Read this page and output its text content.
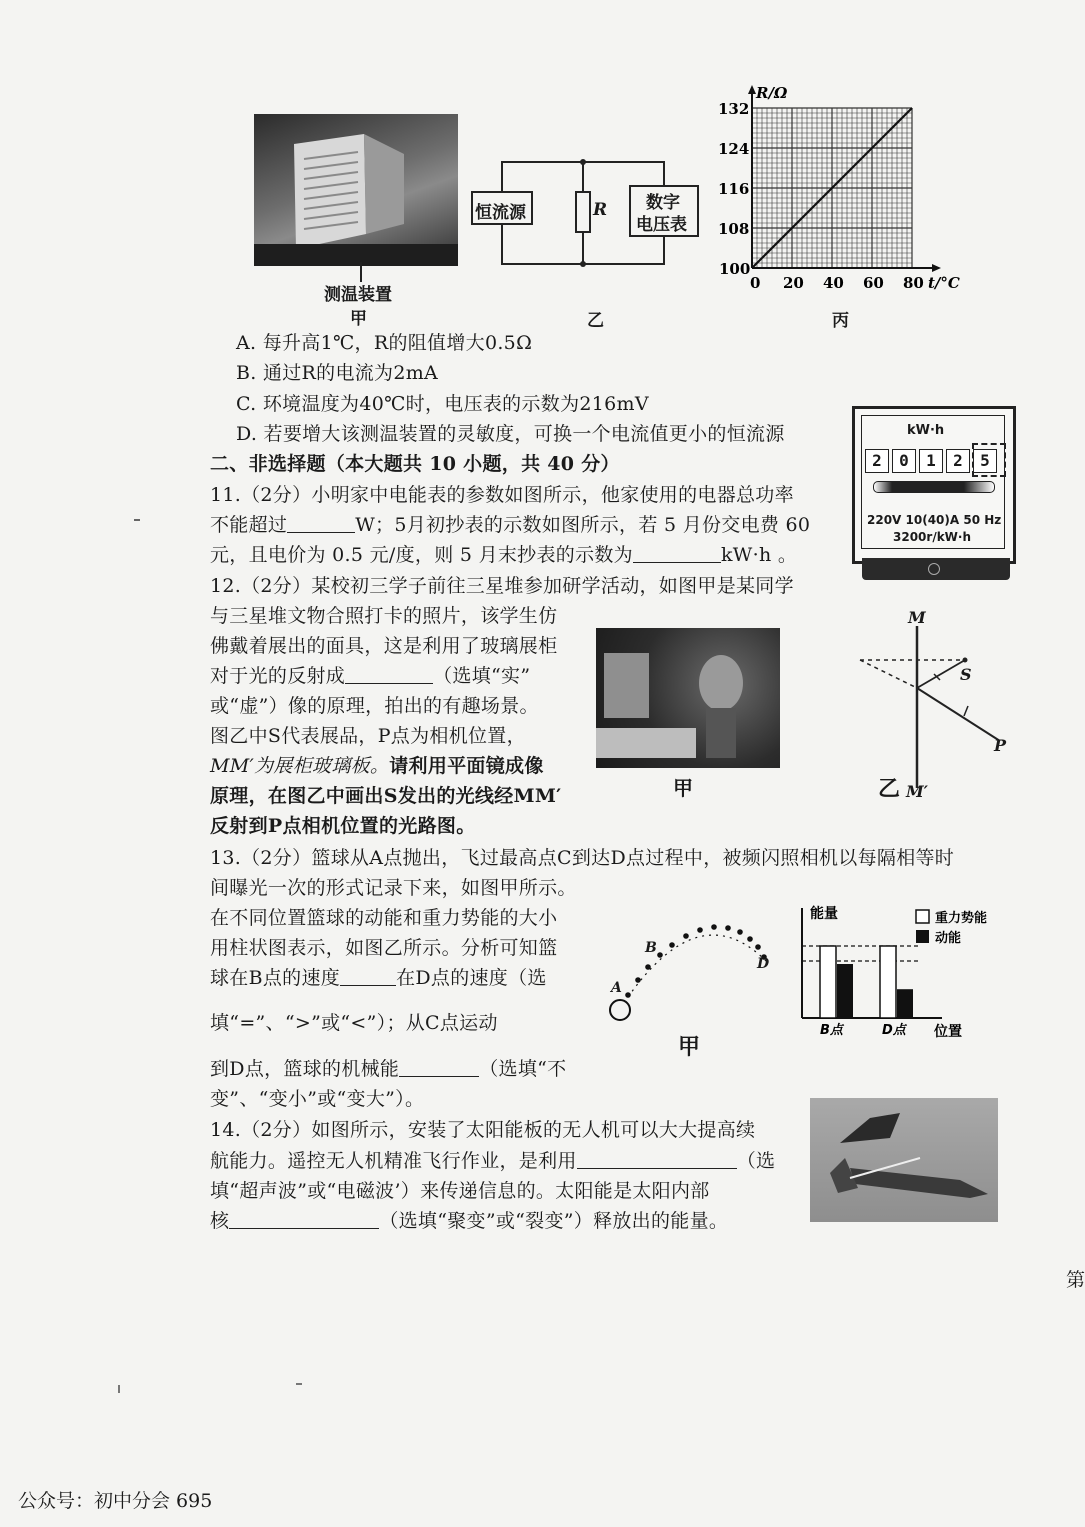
测温装置
甲
恒流源	R 数字
电压表
乙
100
108
116
124
132
0 20 40 60 80
R/Ω
t/°C
丙
A. 每升高1℃，R的阻值增大0.5Ω
B. 通过R的电流为2mA
C. 环境温度为40℃时，电压表的示数为216mV
D. 若要增大该测温装置的灵敏度，可换一个电流值更小的恒流源
二、非选择题（本大题共 10 小题，共 40 分）
kW·h
2	0	1	2	5
220V 10(40)A 50 Hz
3200r/kW·h
11.（2分）小明家中电能表的参数如图所示，他家使用的电器总功率
不能超过	W；5月初抄表的示数如图所示，若 5 月份交电费 60
元，且电价为 0.5 元/度，则 5 月末抄表的示数为	kW·h 。
12.（2分）某校初三学子前往三星堆参加研学活动，如图甲是某同学
与三星堆文物合照打卡的照片，该学生仿
佛戴着展出的面具，这是利用了玻璃展柜
对于光的反射成	（选填“实”
或“虚”）像的原理，拍出的有趣场景。
图乙中S代表展品，P点为相机位置，
MM′为展柜玻璃板。请利用平面镜成像
原理，在图乙中画出S发出的光线经MM′
反射到P点相机位置的光路图。
甲
M
S
P
乙 M′
13.（2分）篮球从A点抛出，飞过最高点C到达D点过程中，被频闪照相机以每隔相等时
间曝光一次的形式记录下来，如图甲所示。
在不同位置篮球的动能和重力势能的大小
用柱状图表示，如图乙所示。分析可知篮
球在B点的速度	在D点的速度（选
填“=”、“>”或“<”）；从C点运动
到D点，篮球的机械能	（选填“不
变”、“变小”或“变大”）。
A
B
D
甲
能量
B点	D点 位置
重力势能
动能
14.（2分）如图所示，安装了太阳能板的无人机可以大大提高续
航能力。遥控无人机精准飞行作业，是利用	（选
填“超声波”或“电磁波’）来传递信息的。太阳能是太阳内部
核	（选填“聚变”或“裂变”）释放出的能量。
第
公众号：初中分会 695
